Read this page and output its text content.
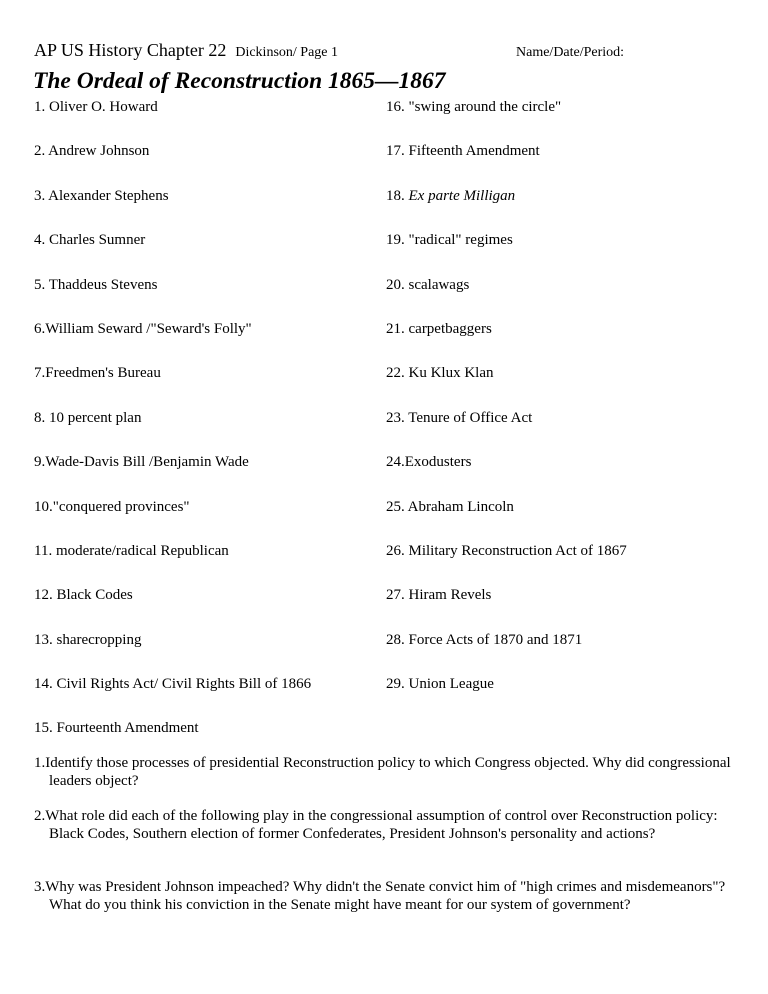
AP US History Chapter 22 Dickinson/ Page 1	Name/Date/Period:
The Ordeal of Reconstruction 1865—1867
1. Oliver O. Howard
2. Andrew Johnson
3. Alexander Stephens
4. Charles Sumner
5. Thaddeus Stevens
6.William Seward /"Seward's Folly"
7.Freedmen's Bureau
8. 10 percent plan
9.Wade-Davis Bill /Benjamin Wade
10."conquered provinces"
11. moderate/radical Republican
12. Black Codes
13. sharecropping
14. Civil Rights Act/ Civil Rights Bill of 1866
15. Fourteenth Amendment
16. "swing around the circle"
17. Fifteenth Amendment
18. Ex parte Milligan
19. "radical" regimes
20. scalawags
21. carpetbaggers
22. Ku Klux Klan
23. Tenure of Office Act
24.Exodusters
25. Abraham Lincoln
26. Military Reconstruction Act of 1867
27. Hiram Revels
28. Force Acts of 1870 and 1871
29. Union League
1.Identify those processes of presidential Reconstruction policy to which Congress objected. Why did congressional leaders object?
2.What role did each of the following play in the congressional assumption of control over Reconstruction policy: Black Codes, Southern election of former Confederates, President Johnson's personality and actions?
3.Why was President Johnson impeached? Why didn't the Senate convict him of "high crimes and misdemeanors"? What do you think his conviction in the Senate might have meant for our system of government?
